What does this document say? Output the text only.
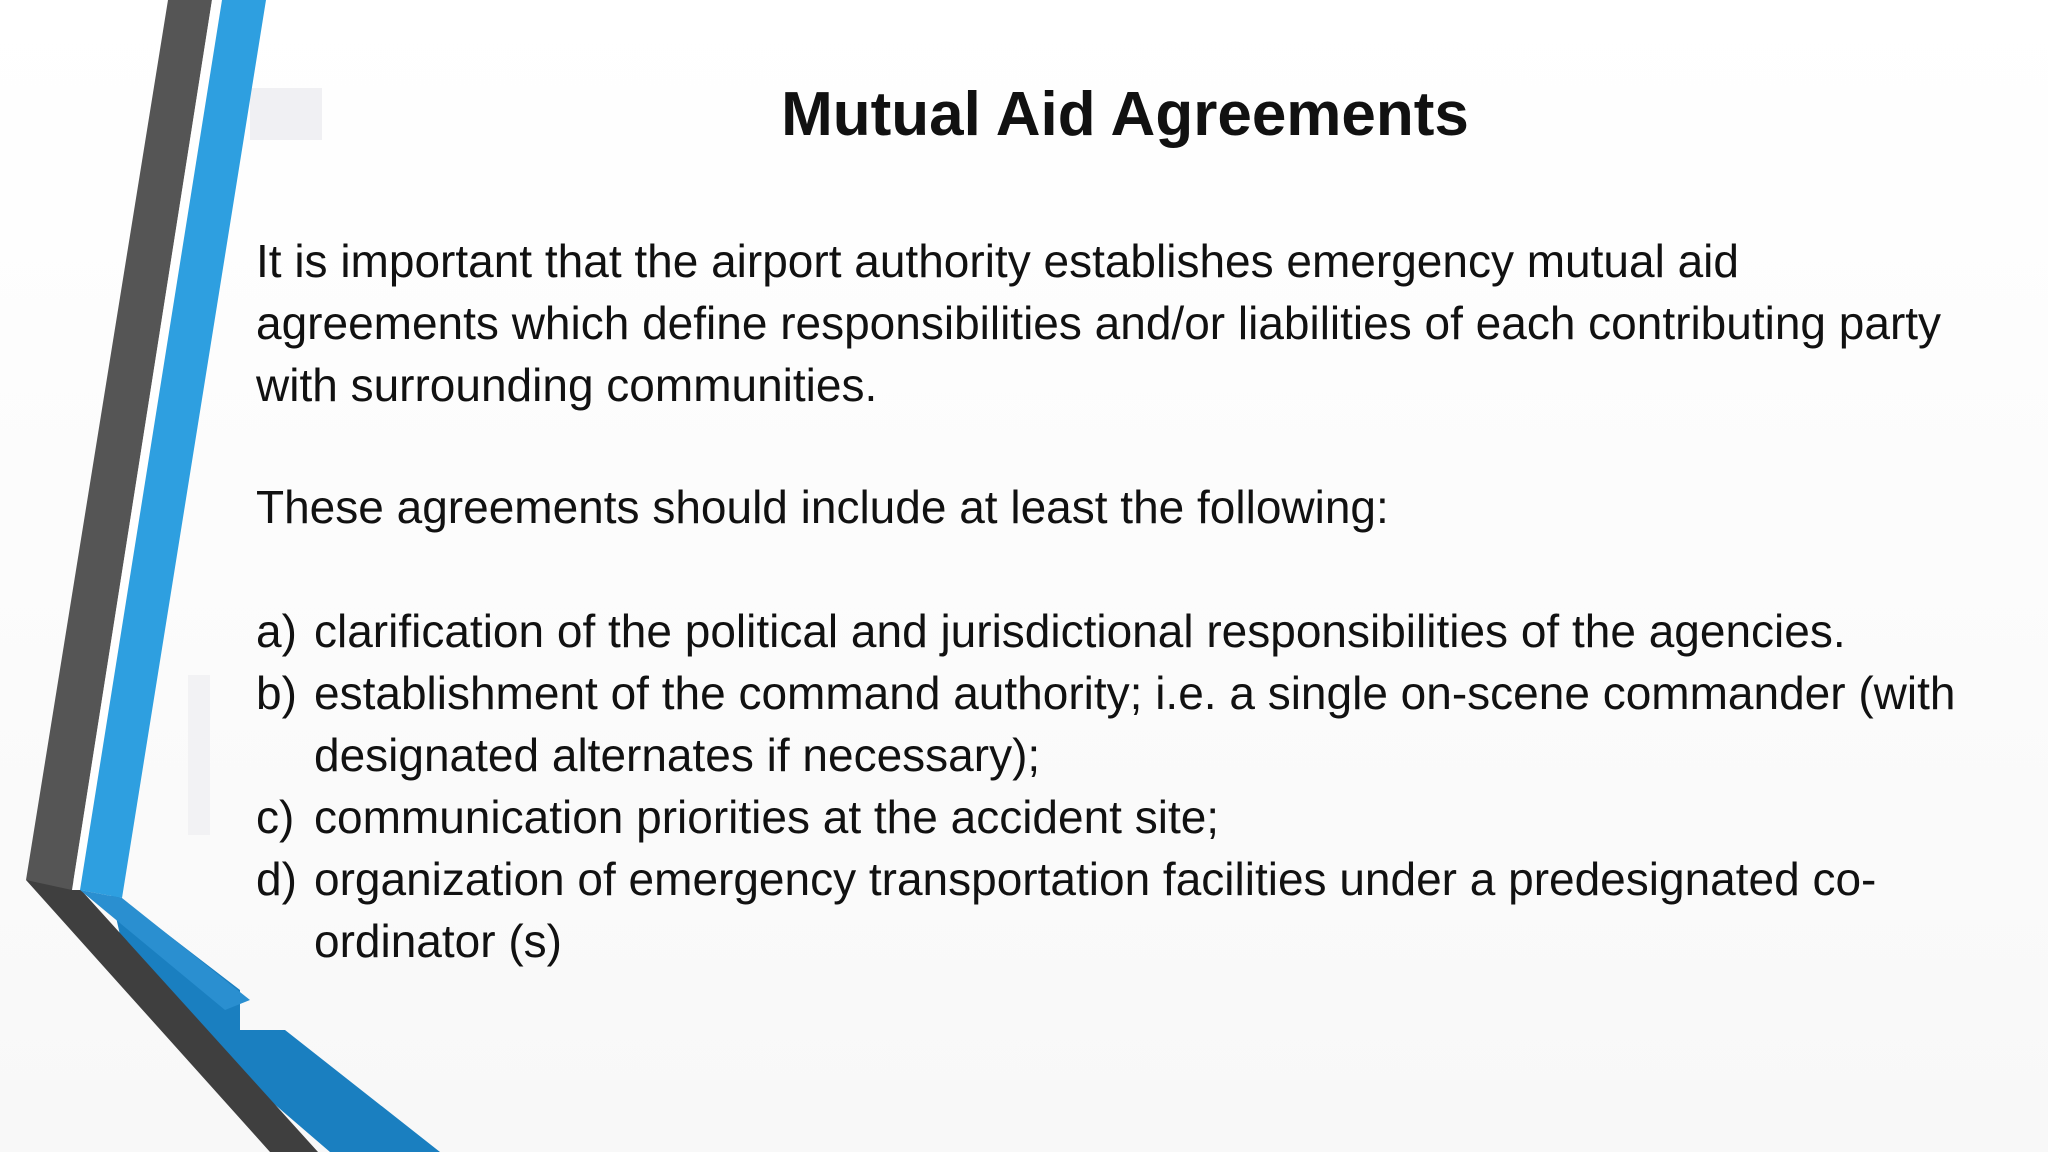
Mutual Aid Agreements

It is important that the airport authority establishes emergency mutual aid agreements which define responsibilities and/or liabilities of each contributing party with surrounding communities.

These agreements should include at least the following:

a) clarification of the political and jurisdictional responsibilities of the agencies.
b) establishment of the command authority; i.e. a single on-scene commander (with designated alternates if necessary);
c) communication priorities at the accident site;
d) organization of emergency transportation facilities under a predesignated co-ordinator (s)
